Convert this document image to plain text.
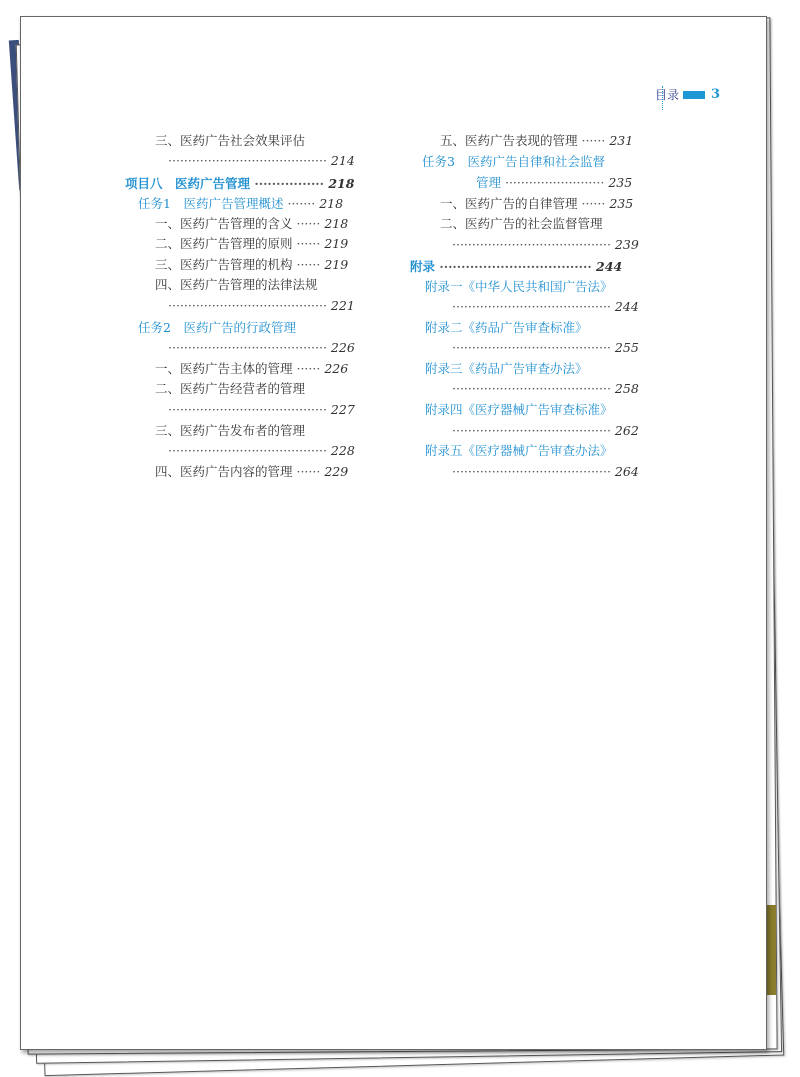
目录 3
三、医药广告社会效果评估
········································ 214
项目八　医药广告管理 ················ 218
任务1　医药广告管理概述 ······· 218
一、医药广告管理的含义 ······ 218
二、医药广告管理的原则 ······ 219
三、医药广告管理的机构 ······ 219
四、医药广告管理的法律法规
········································ 221
任务2　医药广告的行政管理
········································ 226
一、医药广告主体的管理 ······ 226
二、医药广告经营者的管理
········································ 227
三、医药广告发布者的管理
········································ 228
四、医药广告内容的管理 ······ 229
五、医药广告表现的管理 ······ 231
任务3　医药广告自律和社会监督
管理 ························· 235
一、医药广告的自律管理 ······ 235
二、医药广告的社会监督管理
········································ 239
附录 ··································· 244
附录一《中华人民共和国广告法》
········································ 244
附录二《药品广告审查标准》
········································ 255
附录三《药品广告审查办法》
········································ 258
附录四《医疗器械广告审查标准》
········································ 262
附录五《医疗器械广告审查办法》
········································ 264
